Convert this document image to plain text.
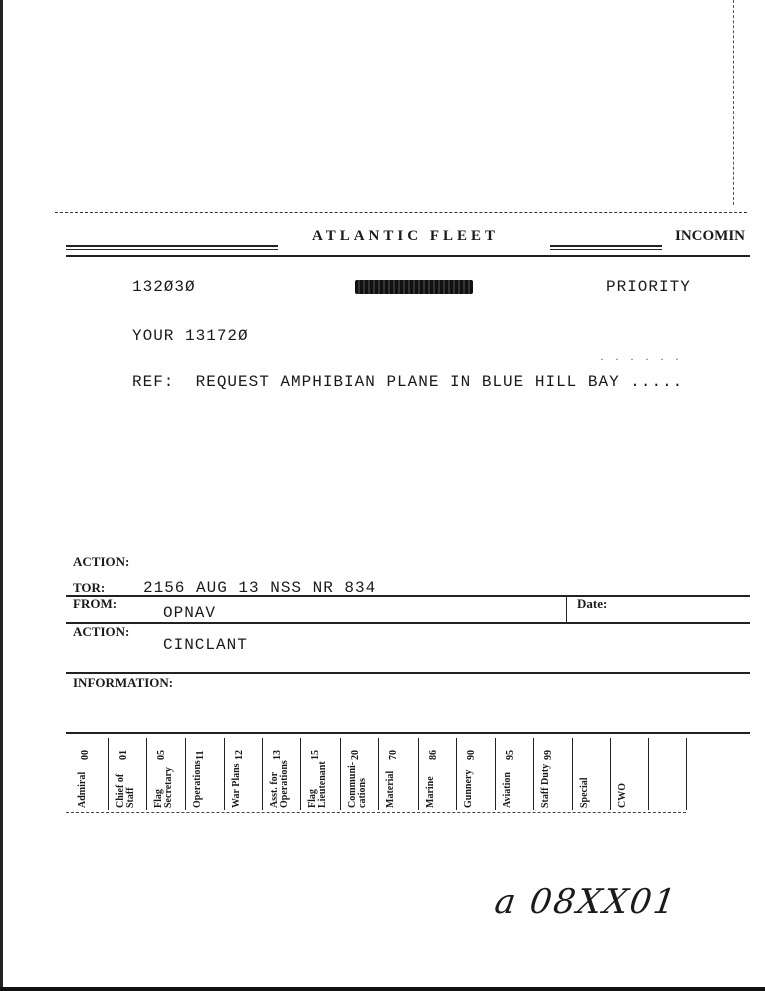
ATLANTIC FLEET	INCOMIN
132Ø3Ø	PRIORITY
YOUR 13172Ø
REF:  REQUEST AMPHIBIAN PLANE IN BLUE HILL BAY .....
ACTION:
TOR: 2156 AUG 13 NSS NR 834
FROM:
OPNAV
Date:
ACTION:
CINCLANT
INFORMATION:
00
Admiral
01
Chief of
Staff
05
Flag
Secretary
11
Operations
12
War Plans
13
Asst. for
Operations
15
Flag
Lieutenant
20
Communi-
cations
70
Material
86
Marine
90
Gunnery
95
Aviation
99
Staff Duty	Special	CWO
a 08XX01
· · · · · ·
